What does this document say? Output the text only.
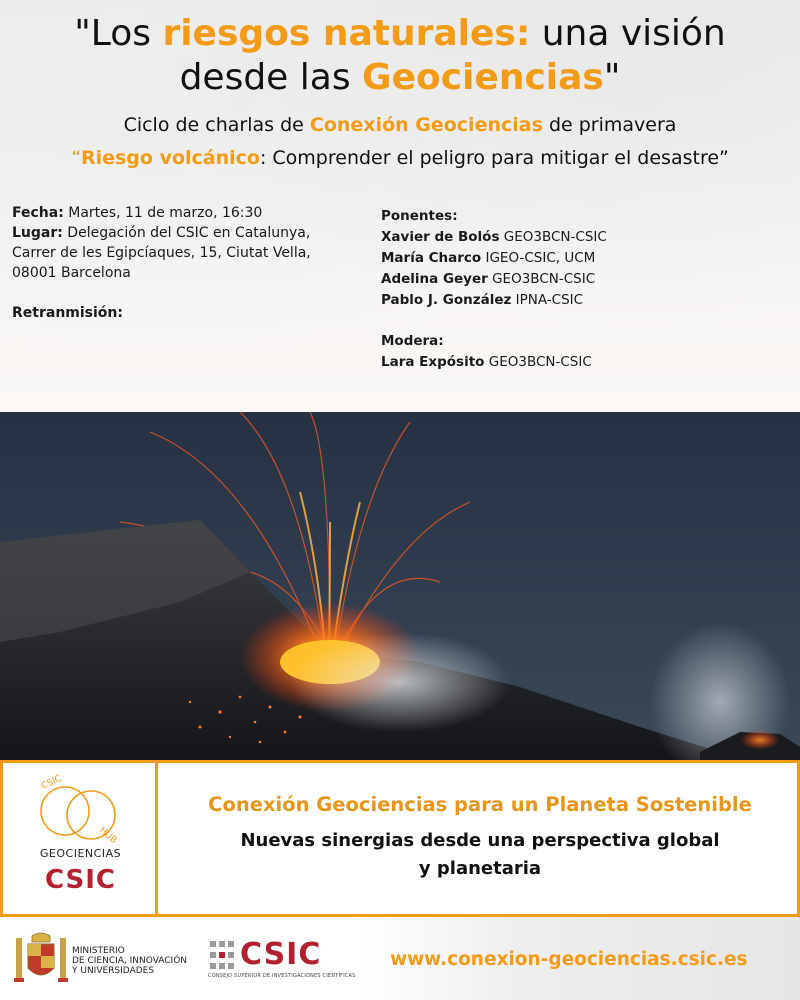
"Los riesgos naturales: una visión
desde las Geociencias"
Ciclo de charlas de Conexión Geociencias de primavera
“Riesgo volcánico: Comprender el peligro para mitigar el desastre”
Fecha: Martes, 11 de marzo, 16:30
Lugar: Delegación del CSIC en Catalunya, Carrer de les Egipcíaques, 15, Ciutat Vella, 08001 Barcelona
Retranmisión:
Ponentes:
Xavier de Bolós GEO3BCN-CSIC
María Charco IGEO-CSIC, UCM
Adelina Geyer GEO3BCN-CSIC
Pablo J. González IPNA-CSIC
Modera:
Lara Expósito GEO3BCN-CSIC
CSIC
HUB
GEOCIENCIAS
CSIC
Conexión Geociencias para un Planeta Sostenible
Nuevas sinergias desde una perspectiva global
y planetaria
MINISTERIO
DE CIENCIA, INNOVACIÓN
Y UNIVERSIDADES	CSIC
CONSEJO SUPERIOR DE INVESTIGACIONES CIENTÍFICAS
www.conexion-geociencias.csic.es
